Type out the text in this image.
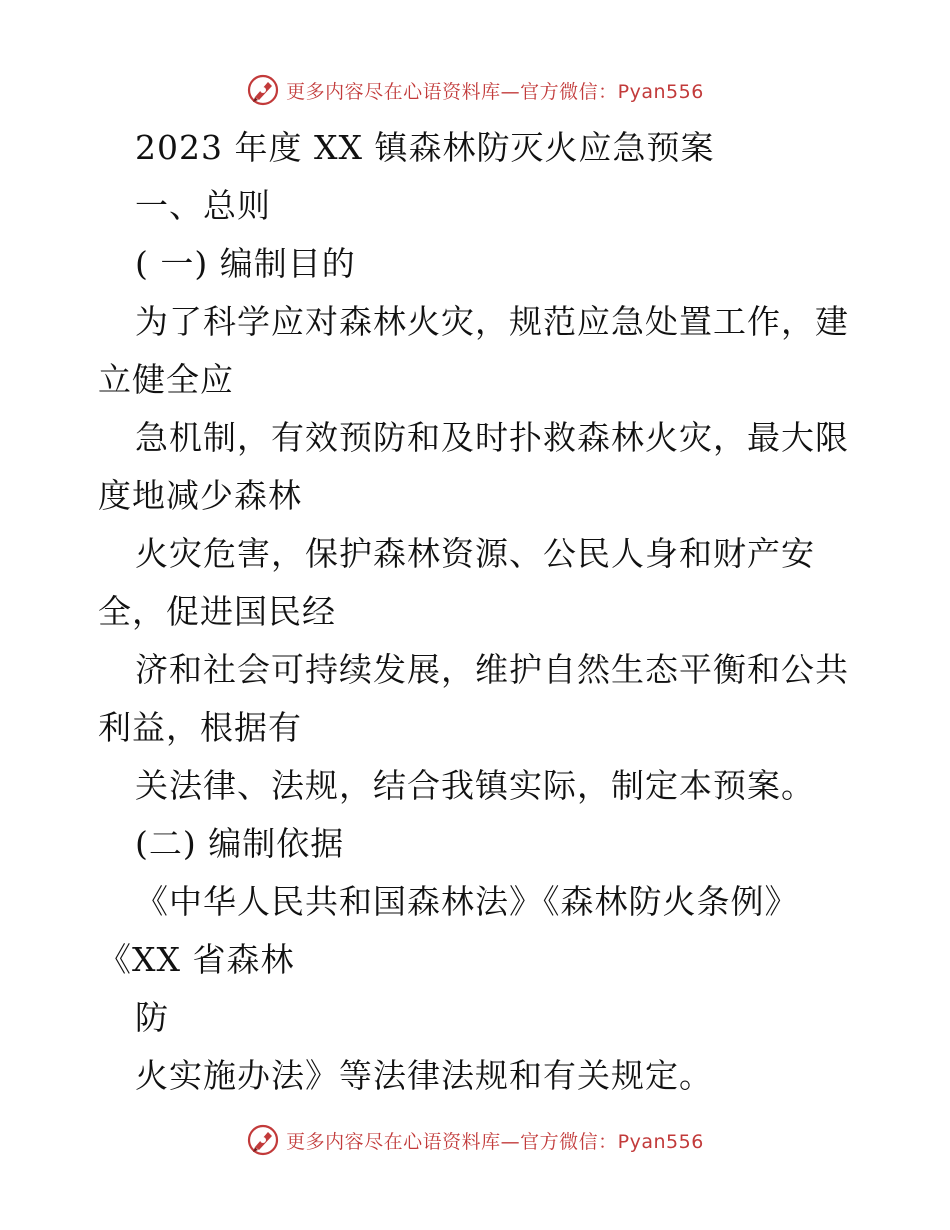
更多内容尽在心语资料库—官方微信：Pyan556
2023 年度 XX 镇森林防灭火应急预案
一、总则
( 一) 编制目的
为了科学应对森林火灾，规范应急处置工作，建
立健全应
急机制，有效预防和及时扑救森林火灾，最大限
度地减少森林
火灾危害，保护森林资源、公民人身和财产安
全，促进国民经
济和社会可持续发展，维护自然生态平衡和公共
利益，根据有
关法律、法规，结合我镇实际，制定本预案。
(二) 编制依据
《中华人民共和国森林法》《森林防火条例》
《XX 省森林
防
火实施办法》等法律法规和有关规定。
更多内容尽在心语资料库—官方微信：Pyan556
